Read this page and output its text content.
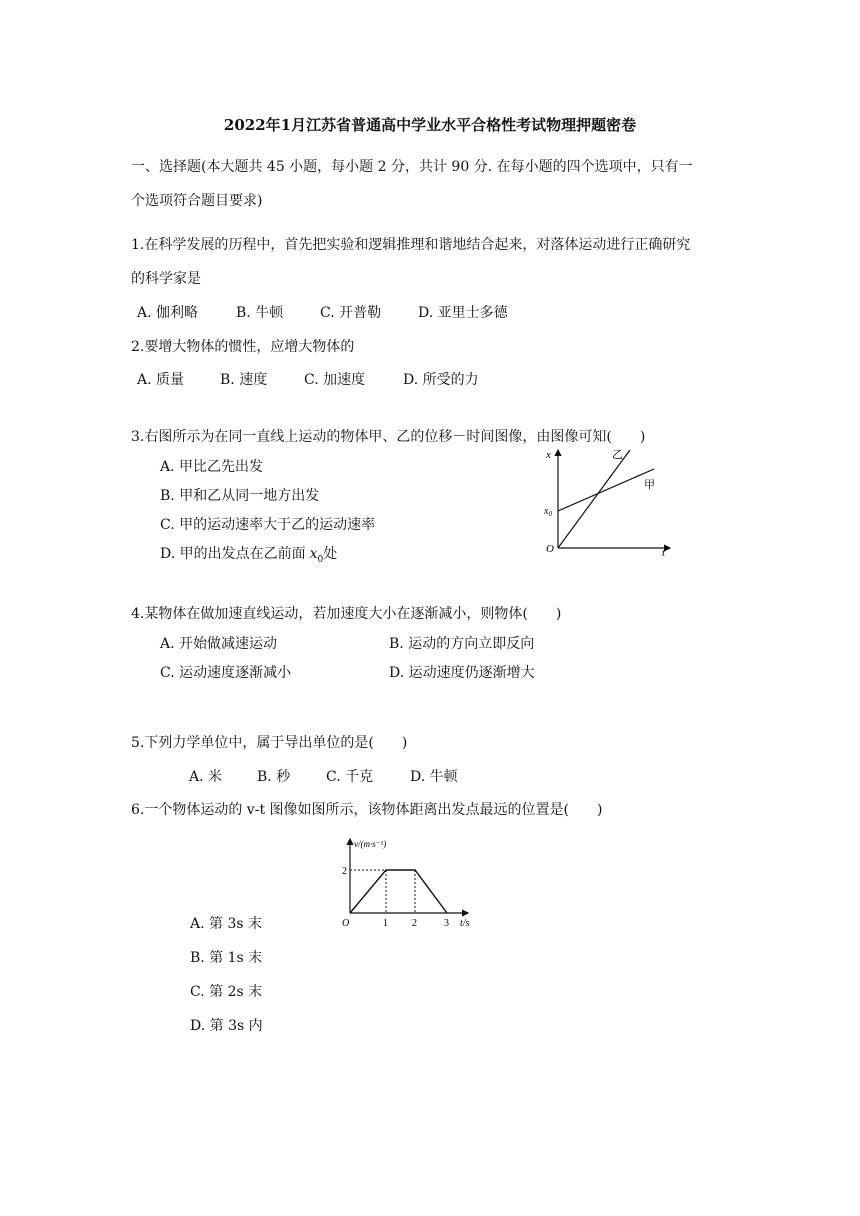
2022年1月江苏省普通高中学业水平合格性考试物理押题密卷
一、选择题(本大题共 45 小题，每小题 2 分，共计 90 分. 在每小题的四个选项中，只有一
个选项符合题目要求)
1.在科学发展的历程中，首先把实验和逻辑推理和谐地结合起来，对落体运动进行正确研究
的科学家是
A. 伽利略	B. 牛顿	C. 开普勒	D. 亚里士多德
2.要增大物体的惯性，应增大物体的
A. 质量	B. 速度	C. 加速度	D. 所受的力
3.右图所示为在同一直线上运动的物体甲、乙的位移－时间图像，由图像可知(　　)
A. 甲比乙先出发
B. 甲和乙从同一地方出发
C. 甲的运动速率大于乙的运动速率
D. 甲的出发点在乙前面 $x_0$处
x
t
O
$x_0$
乙
甲
4.某物体在做加速直线运动，若加速度大小在逐渐减小，则物体(　　)
A. 开始做减速运动	B. 运动的方向立即反向
C. 运动速度逐渐减小	D. 运动速度仍逐渐增大
5.下列力学单位中，属于导出单位的是(　　)
A. 米 B. 秒	C. 千克	D. 牛顿
6.一个物体运动的 v-t 图像如图所示，该物体距离出发点最远的位置是(　　)
v/(m·s⁻¹)
t/s
2
O	1 2	3
A. 第 3s 末
B. 第 1s 末
C. 第 2s 末
D. 第 3s 内
